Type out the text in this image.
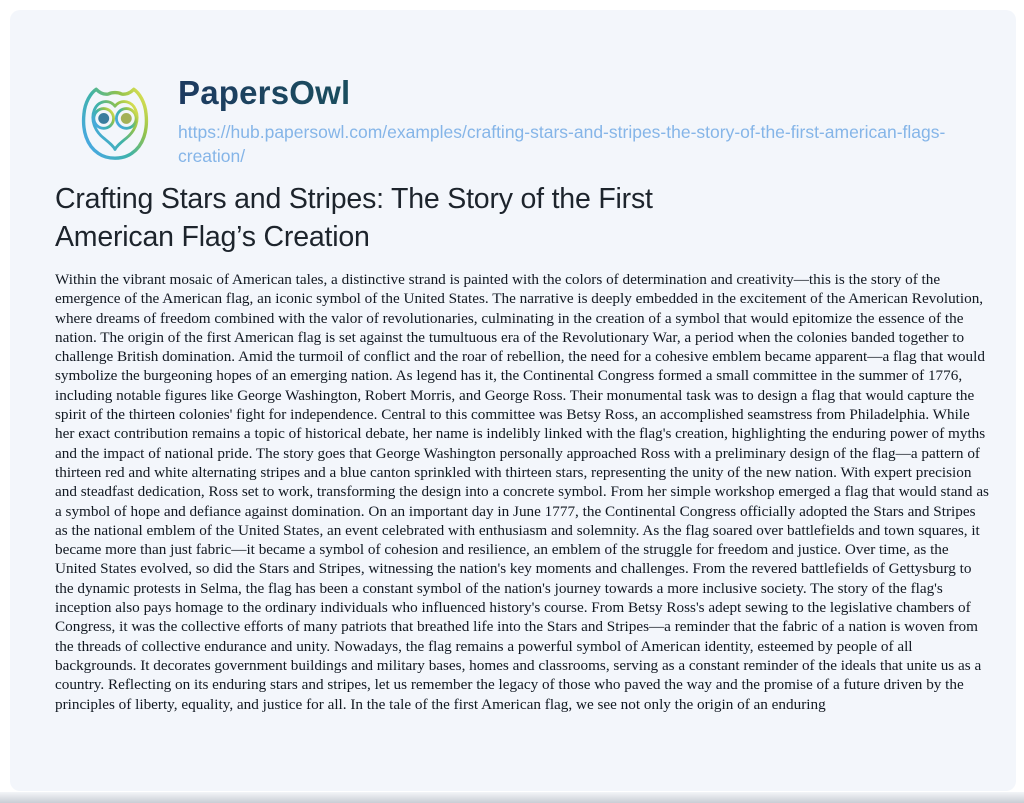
PapersOwl
https://hub.papersowl.com/examples/crafting-stars-and-stripes-the-story-of-the-first-american-flags-creation/
Crafting Stars and Stripes: The Story of the First American Flag’s Creation
Within the vibrant mosaic of American tales, a distinctive strand is painted with the colors of determination and creativity—this is the story of the emergence of the American flag, an iconic symbol of the United States. The narrative is deeply embedded in the excitement of the American Revolution, where dreams of freedom combined with the valor of revolutionaries, culminating in the creation of a symbol that would epitomize the essence of the nation. The origin of the first American flag is set against the tumultuous era of the Revolutionary War, a period when the colonies banded together to challenge British domination. Amid the turmoil of conflict and the roar of rebellion, the need for a cohesive emblem became apparent—a flag that would symbolize the burgeoning hopes of an emerging nation. As legend has it, the Continental Congress formed a small committee in the summer of 1776, including notable figures like George Washington, Robert Morris, and George Ross. Their monumental task was to design a flag that would capture the spirit of the thirteen colonies' fight for independence. Central to this committee was Betsy Ross, an accomplished seamstress from Philadelphia. While her exact contribution remains a topic of historical debate, her name is indelibly linked with the flag's creation, highlighting the enduring power of myths and the impact of national pride. The story goes that George Washington personally approached Ross with a preliminary design of the flag—a pattern of thirteen red and white alternating stripes and a blue canton sprinkled with thirteen stars, representing the unity of the new nation. With expert precision and steadfast dedication, Ross set to work, transforming the design into a concrete symbol. From her simple workshop emerged a flag that would stand as a symbol of hope and defiance against domination. On an important day in June 1777, the Continental Congress officially adopted the Stars and Stripes as the national emblem of the United States, an event celebrated with enthusiasm and solemnity. As the flag soared over battlefields and town squares, it became more than just fabric—it became a symbol of cohesion and resilience, an emblem of the struggle for freedom and justice. Over time, as the United States evolved, so did the Stars and Stripes, witnessing the nation's key moments and challenges. From the revered battlefields of Gettysburg to the dynamic protests in Selma, the flag has been a constant symbol of the nation's journey towards a more inclusive society. The story of the flag's inception also pays homage to the ordinary individuals who influenced history's course. From Betsy Ross's adept sewing to the legislative chambers of Congress, it was the collective efforts of many patriots that breathed life into the Stars and Stripes—a reminder that the fabric of a nation is woven from the threads of collective endurance and unity. Nowadays, the flag remains a powerful symbol of American identity, esteemed by people of all backgrounds. It decorates government buildings and military bases, homes and classrooms, serving as a constant reminder of the ideals that unite us as a country. Reflecting on its enduring stars and stripes, let us remember the legacy of those who paved the way and the promise of a future driven by the principles of liberty, equality, and justice for all. In the tale of the first American flag, we see not only the origin of an enduring
